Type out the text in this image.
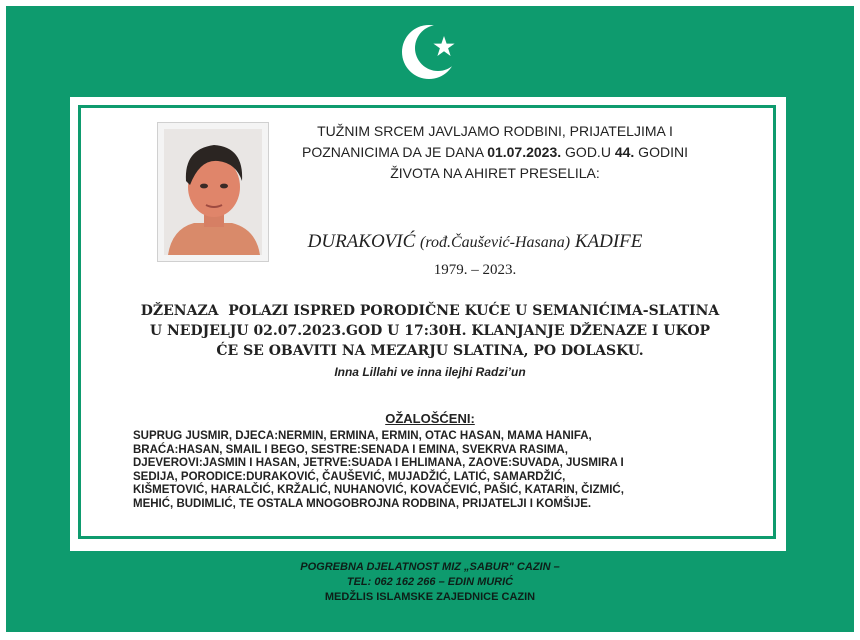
TUŽNIM SRCEM JAVLJAMO RODBINI, PRIJATELJIMA I
POZNANICIMA DA JE DANA 01.07.2023. GOD.U 44. GODINI
ŽIVOTA NA AHIRET PRESELILA:
DURAKOVIĆ (rođ.Čaušević-Hasana) KADIFE
1979. – 2023.
DŽENAZA  POLAZI ISPRED PORODIČNE KUĆE U SEMANIĆIMA-SLATINA
U NEDJELJU 02.07.2023.GOD U 17:30H. KLANJANJE DŽENAZE I UKOP
ĆE SE OBAVITI NA MEZARJU SLATINA, PO DOLASKU.
Inna Lillahi ve inna ilejhi Radzi’un
OŽALOŠĆENI:
SUPRUG JUSMIR, DJECA:NERMIN, ERMINA, ERMIN, OTAC HASAN, MAMA HANIFA,
BRAĆA:HASAN, SMAIL I BEGO, SESTRE:SENADA I EMINA, SVEKRVA RASIMA,
DJEVEROVI:JASMIN I HASAN, JETRVE:SUADA I EHLIMANA, ZAOVE:SUVADA, JUSMIRA I
SEDIJA, PORODICE:DURAKOVIĆ, ČAUŠEVIĆ, MUJADŽIĆ, LATIĆ, SAMARDŽIĆ,
KIŠMETOVIĆ, HARALČIĆ, KRŽALIĆ, NUHANOVIĆ, KOVAČEVIĆ, PAŠIĆ, KATARIN, ČIZMIĆ,
MEHIĆ, BUDIMLIĆ, TE OSTALA MNOGOBROJNA RODBINA, PRIJATELJI I KOMŠIJE.
POGREBNA DJELATNOST MIZ „SABUR" CAZIN –
TEL: 062 162 266 – EDIN MURIĆ
MEDŽLIS ISLAMSKE ZAJEDNICE CAZIN
